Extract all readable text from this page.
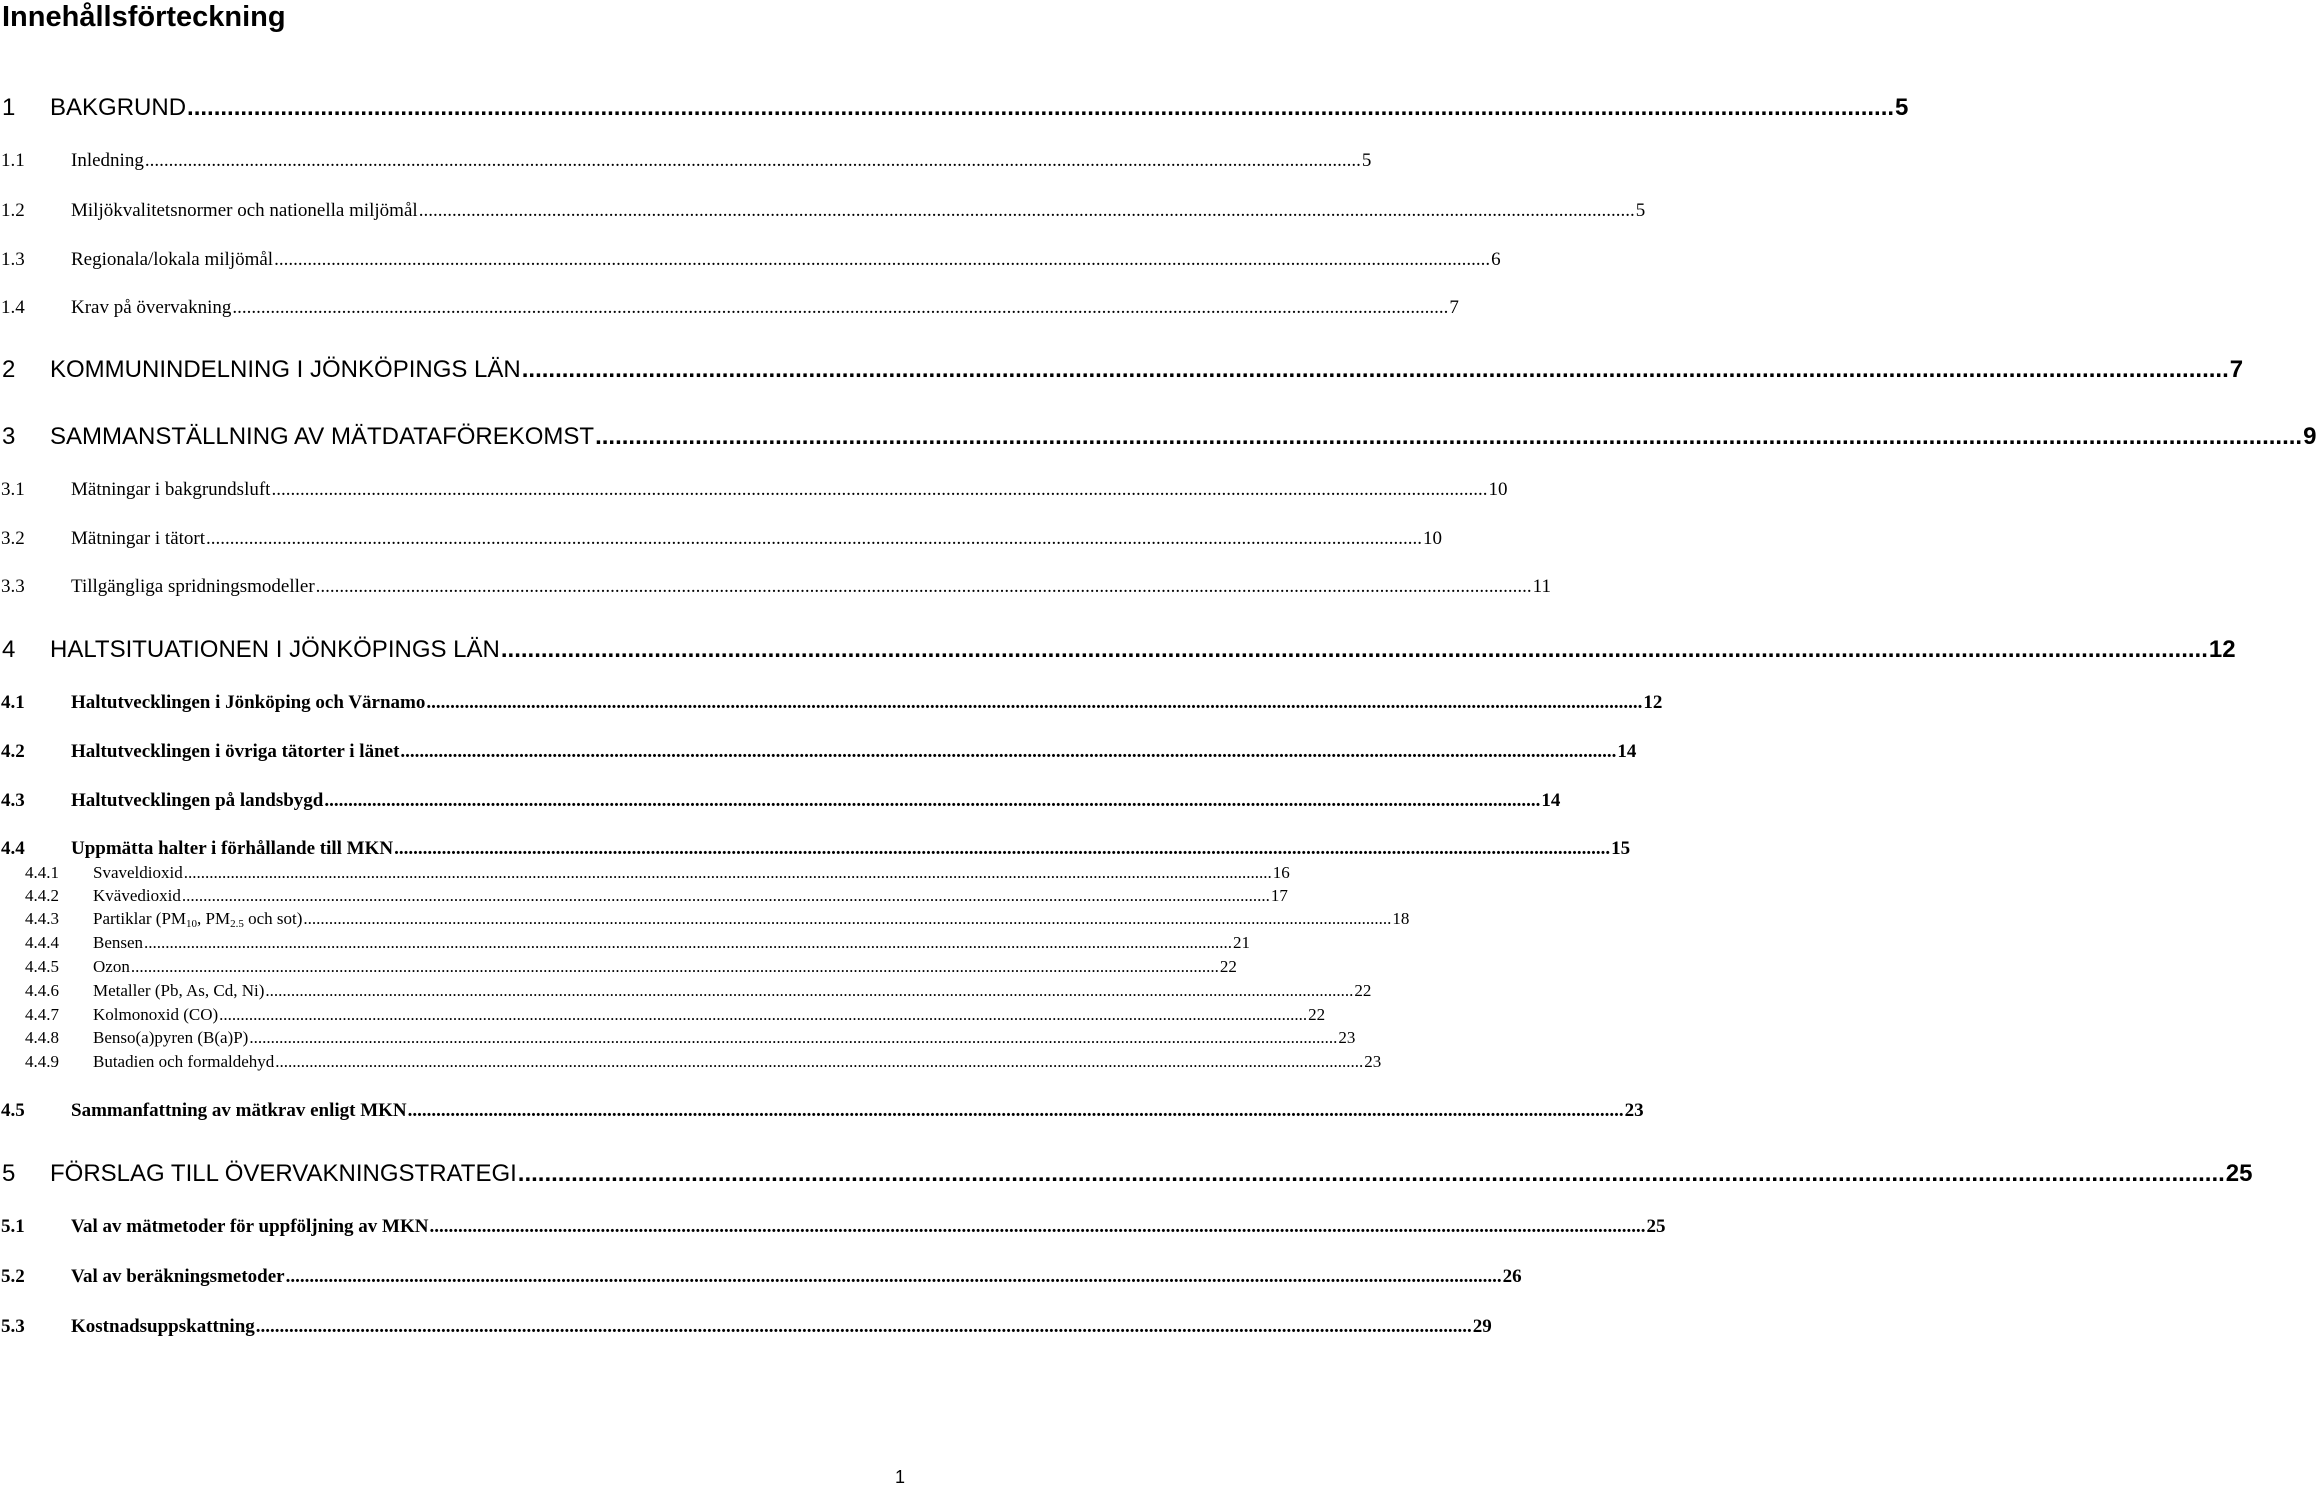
Innehållsförteckning
1	BAKGRUND .....	5
1.1	Inledning .....	5
1.2	Miljökvalitetsnormer och nationella miljömål .....	5
1.3	Regionala/lokala miljömål .....	6
1.4	Krav på övervakning .....	7
2	KOMMUNINDELNING I JÖNKÖPINGS LÄN .....	7
3	SAMMANSTÄLLNING AV MÄTDATAFÖREKOMST .....	9
3.1	Mätningar i bakgrundsluft .....	10
3.2	Mätningar i tätort .....	10
3.3	Tillgängliga spridningsmodeller .....	11
4	HALTSITUATIONEN I JÖNKÖPINGS LÄN .....	12
4.1	Haltutvecklingen i Jönköping och Värnamo .....	12
4.2	Haltutvecklingen i övriga tätorter i länet .....	14
4.3	Haltutvecklingen på landsbygd .....	14
4.4	Uppmätta halter i förhållande till MKN .....	15
4.4.1	Svaveldioxid .....	16
4.4.2	Kvävedioxid .....	17
4.4.3	Partiklar ($PM_{10}$, $PM_{2.5}$ och sot) .....	18
4.4.4	Bensen .....	21
4.4.5	Ozon .....	22
4.4.6	Metaller (Pb, As, Cd, Ni) .....	22
4.4.7	Kolmonoxid (CO) .....	22
4.4.8	Benso(a)pyren (B(a)P) .....	23
4.4.9	Butadien och formaldehyd .....	23
4.5	Sammanfattning av mätkrav enligt MKN .....	23
5	FÖRSLAG TILL ÖVERVAKNINGSTRATEGI .....	25
5.1	Val av mätmetoder för uppföljning av MKN .....	25
5.2	Val av beräkningsmetoder .....	26
5.3	Kostnadsuppskattning .....	29
1
